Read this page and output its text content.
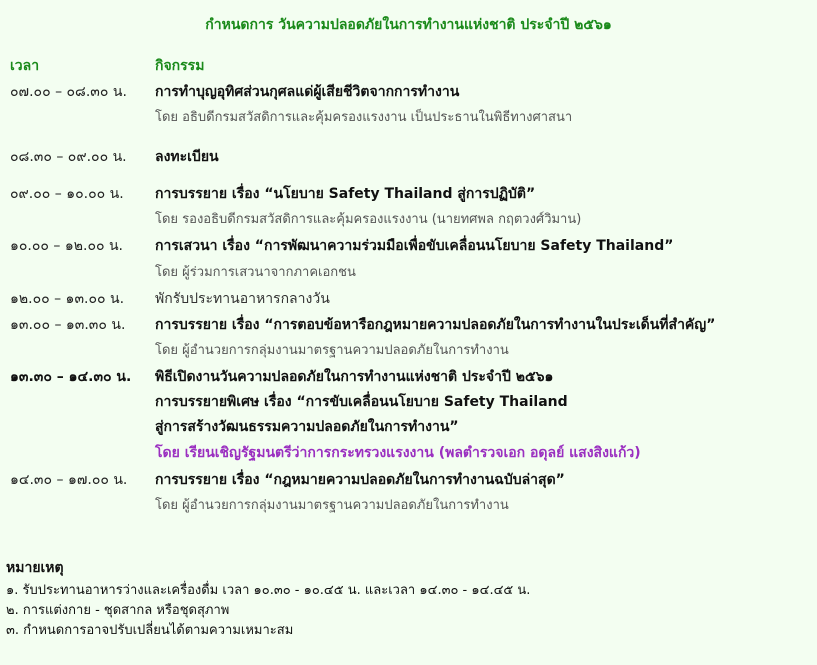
กำหนดการ วันความปลอดภัยในการทำงานแห่งชาติ ประจำปี ๒๕๖๑
เวลา	กิจกรรม
๐๗.๐๐ – ๐๘.๓๐ น. การทำบุญอุทิศส่วนกุศลแด่ผู้เสียชีวิตจากการทำงาน
โดย อธิบดีกรมสวัสดิการและคุ้มครองแรงงาน เป็นประธานในพิธีทางศาสนา
๐๘.๓๐ – ๐๙.๐๐ น. ลงทะเบียน
๐๙.๐๐ – ๑๐.๐๐ น. การบรรยาย เรื่อง “นโยบาย Safety Thailand สู่การปฏิบัติ”
โดย รองอธิบดีกรมสวัสดิการและคุ้มครองแรงงาน (นายทศพล กฤตวงศ์วิมาน)
๑๐.๐๐ – ๑๒.๐๐ น. การเสวนา เรื่อง “การพัฒนาความร่วมมือเพื่อขับเคลื่อนนโยบาย Safety Thailand”
โดย ผู้ร่วมการเสวนาจากภาคเอกชน
๑๒.๐๐ – ๑๓.๐๐ น. พักรับประทานอาหารกลางวัน
๑๓.๐๐ – ๑๓.๓๐ น. การบรรยาย เรื่อง “การตอบข้อหารือกฎหมายความปลอดภัยในการทำงานในประเด็นที่สำคัญ”
โดย ผู้อำนวยการกลุ่มงานมาตรฐานความปลอดภัยในการทำงาน
๑๓.๓๐ – ๑๔.๓๐ น. พิธีเปิดงานวันความปลอดภัยในการทำงานแห่งชาติ ประจำปี ๒๕๖๑
การบรรยายพิเศษ เรื่อง “การขับเคลื่อนนโยบาย Safety Thailand
สู่การสร้างวัฒนธรรมความปลอดภัยในการทำงาน”
โดย เรียนเชิญรัฐมนตรีว่าการกระทรวงแรงงาน (พลตำรวจเอก อดุลย์ แสงสิงแก้ว)
๑๔.๓๐ – ๑๗.๐๐ น. การบรรยาย เรื่อง “กฎหมายความปลอดภัยในการทำงานฉบับล่าสุด”
โดย ผู้อำนวยการกลุ่มงานมาตรฐานความปลอดภัยในการทำงาน
หมายเหตุ
๑. รับประทานอาหารว่างและเครื่องดื่ม เวลา ๑๐.๓๐ - ๑๐.๔๕ น. และเวลา ๑๔.๓๐ - ๑๔.๔๕ น.
๒. การแต่งกาย - ชุดสากล หรือชุดสุภาพ
๓. กำหนดการอาจปรับเปลี่ยนได้ตามความเหมาะสม
